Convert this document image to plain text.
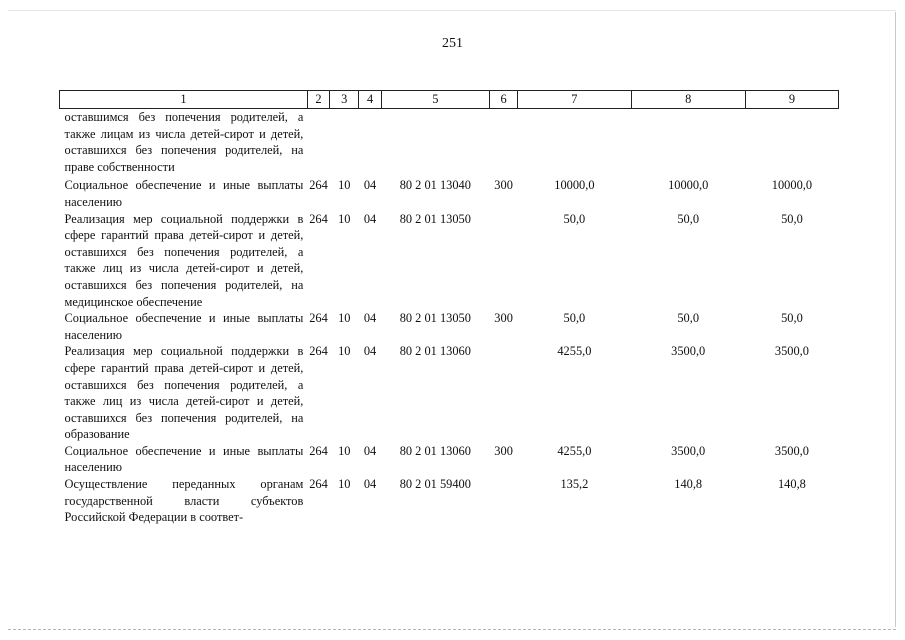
251
1	2	3	4	5	6	7	8	9
оставшимся без попечения родителей, а также лицам из числа детей-сирот и детей, оставшихся без попечения родителей, на праве собственности								

Социальное обеспечение и иные выплаты населению	264	10	04	80 2 01 13040	300	10000,0	10000,0	10000,0
Реализация мер социальной поддержки в сфере гарантий права детей-сирот и детей, оставшихся без попечения родителей, а также лиц из числа детей-сирот и детей, оставшихся без попечения родителей, на медицинское обеспечение	264	10	04	80 2 01 13050		50,0	50,0	50,0
Социальное обеспечение и иные выплаты населению	264	10	04	80 2 01 13050	300	50,0	50,0	50,0
Реализация мер социальной поддержки в сфере гарантий права детей-сирот и детей, оставшихся без попечения родителей, а также лиц из числа детей-сирот и детей, оставшихся без попечения родителей, на образование	264	10	04	80 2 01 13060		4255,0	3500,0	3500,0
Социальное обеспечение и иные выплаты населению	264	10	04	80 2 01 13060	300	4255,0	3500,0	3500,0
Осуществление переданных органам государственной власти субъектов Российской Федерации в соответ-	264	10	04	80 2 01 59400		135,2	140,8	140,8
